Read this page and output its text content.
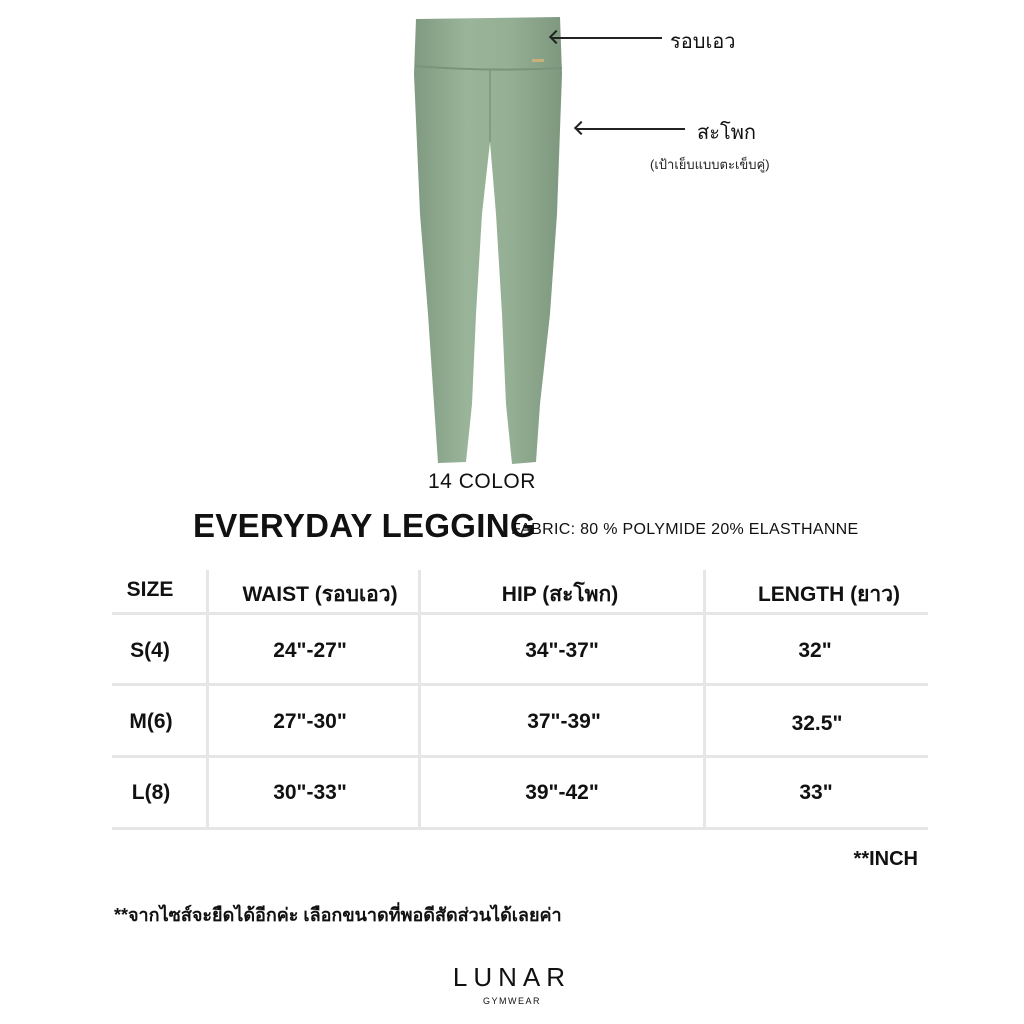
รอบเอว
สะโพก
(เป้าเย็บแบบตะเข็บคู่)
14 COLOR
EVERYDAY LEGGING
FABRIC: 80 % POLYMIDE 20% ELASTHANNE
SIZE	WAIST (รอบเอว)	HIP (สะโพก)	LENGTH (ยาว)
S(4)	24"-27"	34"-37"	32"
M(6)	27"-30"	37"-39"	32.5"
L(8)	30"-33"	39"-42"	33"
**INCH
**จากไซส์จะยืดได้อีกค่ะ เลือกขนาดที่พอดีสัดส่วนได้เลยค่า
LUNAR
GYMWEAR
